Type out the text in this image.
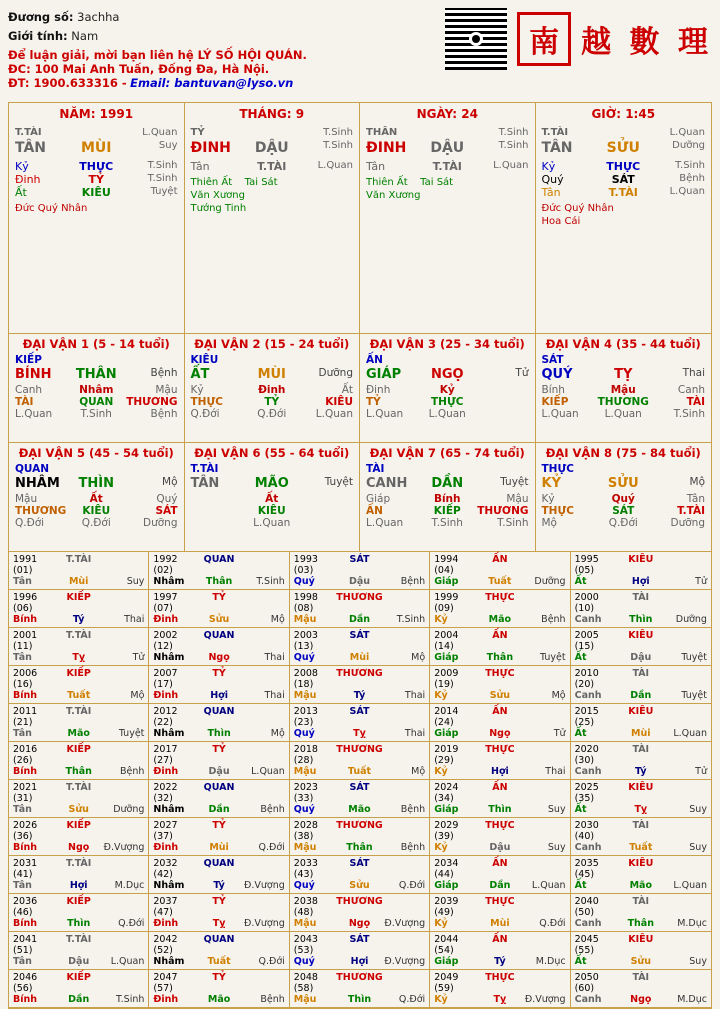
Đương số: 3achha
Giới tính: Nam
Để luận giải, mời bạn liên hệ LÝ SỐ HỘI QUÁN.
ĐC: 100 Mai Anh Tuấn, Đống Đa, Hà Nội.
ĐT: 1900.633316 - Email: bantuvan@lyso.vn
南 越 數 理
NĂM: 1991
T.TÀI	L.Quan
TÂN	MÙI	Suy
Kỷ	THỰC	T.Sinh
Đinh	TỶ	T.Sinh
Ất	KIÊU	Tuyệt
Đức Quý Nhân
THÁNG: 9
TỶ	T.Sinh
ĐINH	DẬU	T.Sinh
Tân	T.TÀI	L.Quan
Thiên Ất	Tai Sát
Văn Xương
Tướng Tinh
NGÀY: 24
THÂN	T.Sinh
ĐINH	DẬU	T.Sinh
Tân	T.TÀI	L.Quan
Thiên Ất	Tai Sát
Văn Xương
GIỜ: 1:45
T.TÀI	L.Quan
TÂN	SỬU	Dưỡng
Kỷ	THỰC	T.Sinh
Quý	SÁT	Bệnh
Tân	T.TÀI	L.Quan
Đức Quý Nhân
Hoa Cái
ĐẠI VẬN 1 (5 - 14 tuổi)
KIẾP
BÍNH	THÂN	Bệnh
Canh	Nhâm	Mậu
TÀI	QUAN	THƯƠNG
L.Quan	T.Sinh	Bệnh
ĐẠI VẬN 2 (15 - 24 tuổi)
KIÊU
ẤT	MÙI	Dưỡng
Kỷ	Đinh	Ất
THỰC	TỶ	KIÊU
Q.Đới	Q.Đới	L.Quan
ĐẠI VẬN 3 (25 - 34 tuổi)
ẤN
GIÁP	NGỌ	Tử
Đinh	Kỷ
TỶ	THỰC
L.Quan	L.Quan
ĐẠI VẬN 4 (35 - 44 tuổi)
SÁT
QUÝ	TỴ	Thai
Bính	Mậu	Canh
KIẾP	THƯƠNG	TÀI
L.Quan	L.Quan	T.Sinh
ĐẠI VẬN 5 (45 - 54 tuổi)
QUAN
NHÂM	THÌN	Mộ
Mậu	Ất	Quý
THƯƠNG	KIÊU	SÁT
Q.Đới	Q.Đới	Dưỡng
ĐẠI VẬN 6 (55 - 64 tuổi)
T.TÀI
TÂN	MÃO	Tuyệt
Ất
KIÊU
L.Quan
ĐẠI VẬN 7 (65 - 74 tuổi)
TÀI
CANH	DẦN	Tuyệt
Giáp	Bính	Mậu
ẤN	KIẾP	THƯƠNG
L.Quan	T.Sinh	T.Sinh
ĐẠI VẬN 8 (75 - 84 tuổi)
THỰC
KỶ	SỬU	Mộ
Kỷ	Quý	Tân
THỰC	SÁT	T.TÀI
Mộ	Q.Đới	Dưỡng
1991 (01)
T.TÀI
Tân	Mùi	Suy
1992 (02)
QUAN
Nhâm	Thân	T.Sinh
1993 (03)
SÁT
Quý	Dậu	Bệnh
1994 (04)
ẤN
Giáp	Tuất	Dưỡng
1995 (05)
KIÊU
Ất	Hợi	Tử
1996 (06)
KIẾP
Bính	Tý	Thai
1997 (07)
TỶ
Đinh	Sửu	Mộ
1998 (08)
THƯƠNG
Mậu	Dần	T.Sinh
1999 (09)
THỰC
Kỷ	Mão	Bệnh
2000 (10)
TÀI
Canh	Thìn	Dưỡng
2001 (11)
T.TÀI
Tân	Tỵ	Tử
2002 (12)
QUAN
Nhâm	Ngọ	Thai
2003 (13)
SÁT
Quý	Mùi	Mộ
2004 (14)
ẤN
Giáp	Thân	Tuyệt
2005 (15)
KIÊU
Ất	Dậu	Tuyệt
2006 (16)
KIẾP
Bính	Tuất	Mộ
2007 (17)
TỶ
Đinh	Hợi	Thai
2008 (18)
THƯƠNG
Mậu	Tý	Thai
2009 (19)
THỰC
Kỷ	Sửu	Mộ
2010 (20)
TÀI
Canh	Dần	Tuyệt
2011 (21)
T.TÀI
Tân	Mão	Tuyệt
2012 (22)
QUAN
Nhâm	Thìn	Mộ
2013 (23)
SÁT
Quý	Tỵ	Thai
2014 (24)
ẤN
Giáp	Ngọ	Tử
2015 (25)
KIÊU
Ất	Mùi	L.Quan
2016 (26)
KIẾP
Bính	Thân	Bệnh
2017 (27)
TỶ
Đinh	Dậu	L.Quan
2018 (28)
THƯƠNG
Mậu	Tuất	Mộ
2019 (29)
THỰC
Kỷ	Hợi	Thai
2020 (30)
TÀI
Canh	Tý	Tử
2021 (31)
T.TÀI
Tân	Sửu	Dưỡng
2022 (32)
QUAN
Nhâm	Dần	Bệnh
2023 (33)
SÁT
Quý	Mão	Bệnh
2024 (34)
ẤN
Giáp	Thìn	Suy
2025 (35)
KIÊU
Ất	Tỵ	Suy
2026 (36)
KIẾP
Bính	Ngọ	Đ.Vượng
2027 (37)
TỶ
Đinh	Mùi	Q.Đới
2028 (38)
THƯƠNG
Mậu	Thân	Bệnh
2029 (39)
THỰC
Kỷ	Dậu	Suy
2030 (40)
TÀI
Canh	Tuất	Suy
2031 (41)
T.TÀI
Tân	Hợi	M.Dục
2032 (42)
QUAN
Nhâm	Tý	Đ.Vượng
2033 (43)
SÁT
Quý	Sửu	Q.Đới
2034 (44)
ẤN
Giáp	Dần	L.Quan
2035 (45)
KIÊU
Ất	Mão	L.Quan
2036 (46)
KIẾP
Bính	Thìn	Q.Đới
2037 (47)
TỶ
Đinh	Tỵ	Đ.Vượng
2038 (48)
THƯƠNG
Mậu	Ngọ	Đ.Vượng
2039 (49)
THỰC
Kỷ	Mùi	Q.Đới
2040 (50)
TÀI
Canh	Thân	M.Dục
2041 (51)
T.TÀI
Tân	Dậu	L.Quan
2042 (52)
QUAN
Nhâm	Tuất	Q.Đới
2043 (53)
SÁT
Quý	Hợi	Đ.Vượng
2044 (54)
ẤN
Giáp	Tý	M.Dục
2045 (55)
KIÊU
Ất	Sửu	Suy
2046 (56)
KIẾP
Bính	Dần	T.Sinh
2047 (57)
TỶ
Đinh	Mão	Bệnh
2048 (58)
THƯƠNG
Mậu	Thìn	Q.Đới
2049 (59)
THỰC
Kỷ	Tỵ	Đ.Vượng
2050 (60)
TÀI
Canh	Ngọ	M.Dục
